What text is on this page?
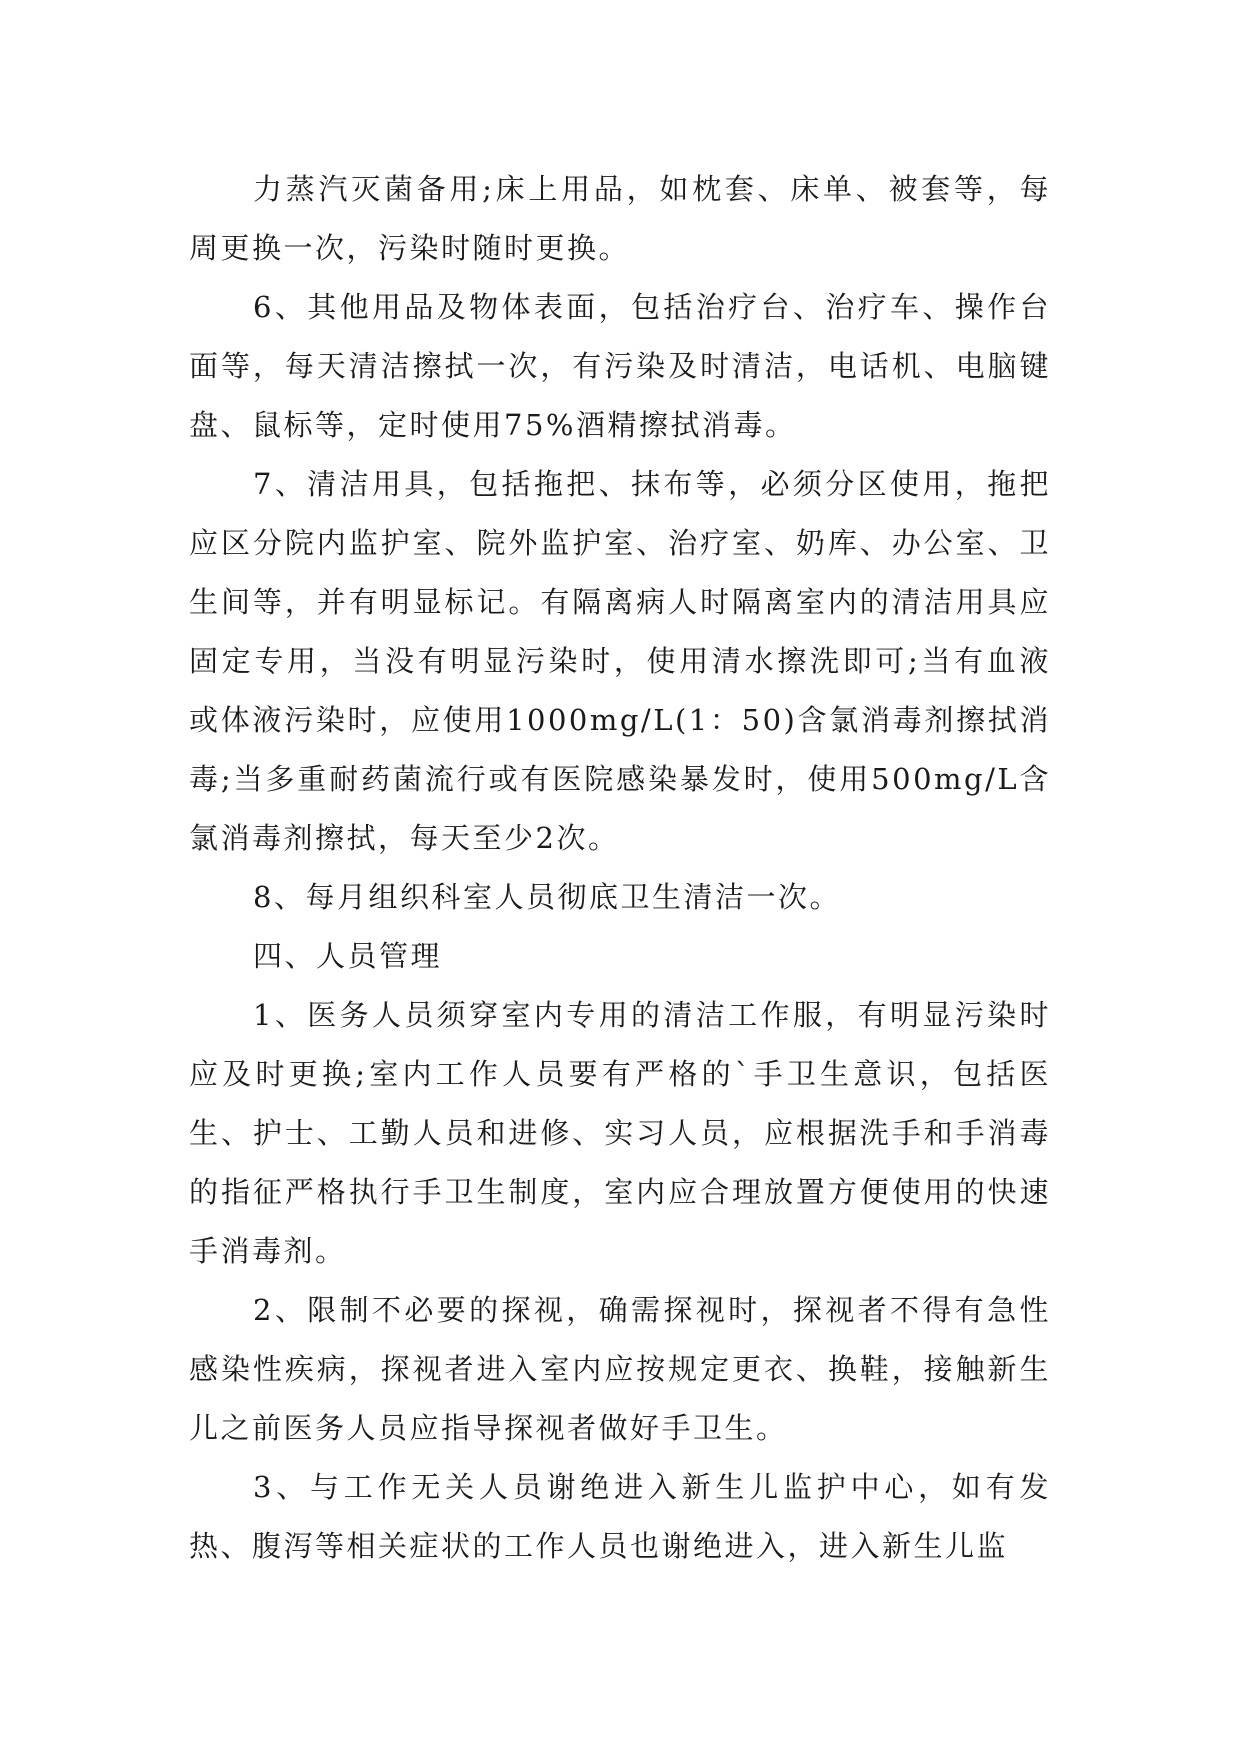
力蒸汽灭菌备用;床上用品，如枕套、床单、被套等，每周更换一次，污染时随时更换。

6、其他用品及物体表面，包括治疗台、治疗车、操作台面等，每天清洁擦拭一次，有污染及时清洁，电话机、电脑键盘、鼠标等，定时使用75%酒精擦拭消毒。

7、清洁用具，包括拖把、抹布等，必须分区使用，拖把应区分院内监护室、院外监护室、治疗室、奶库、办公室、卫生间等，并有明显标记。有隔离病人时隔离室内的清洁用具应固定专用，当没有明显污染时，使用清水擦洗即可;当有血液或体液污染时，应使用1000mg/L(1：50)含氯消毒剂擦拭消毒;当多重耐药菌流行或有医院感染暴发时，使用500mg/L含氯消毒剂擦拭，每天至少2次。

8、每月组织科室人员彻底卫生清洁一次。

四、人员管理

1、医务人员须穿室内专用的清洁工作服，有明显污染时应及时更换;室内工作人员要有严格的`手卫生意识，包括医生、护士、工勤人员和进修、实习人员，应根据洗手和手消毒的指征严格执行手卫生制度，室内应合理放置方便使用的快速手消毒剂。

2、限制不必要的探视，确需探视时，探视者不得有急性感染性疾病，探视者进入室内应按规定更衣、换鞋，接触新生儿之前医务人员应指导探视者做好手卫生。

3、与工作无关人员谢绝进入新生儿监护中心，如有发热、腹泻等相关症状的工作人员也谢绝进入，进入新生儿监
